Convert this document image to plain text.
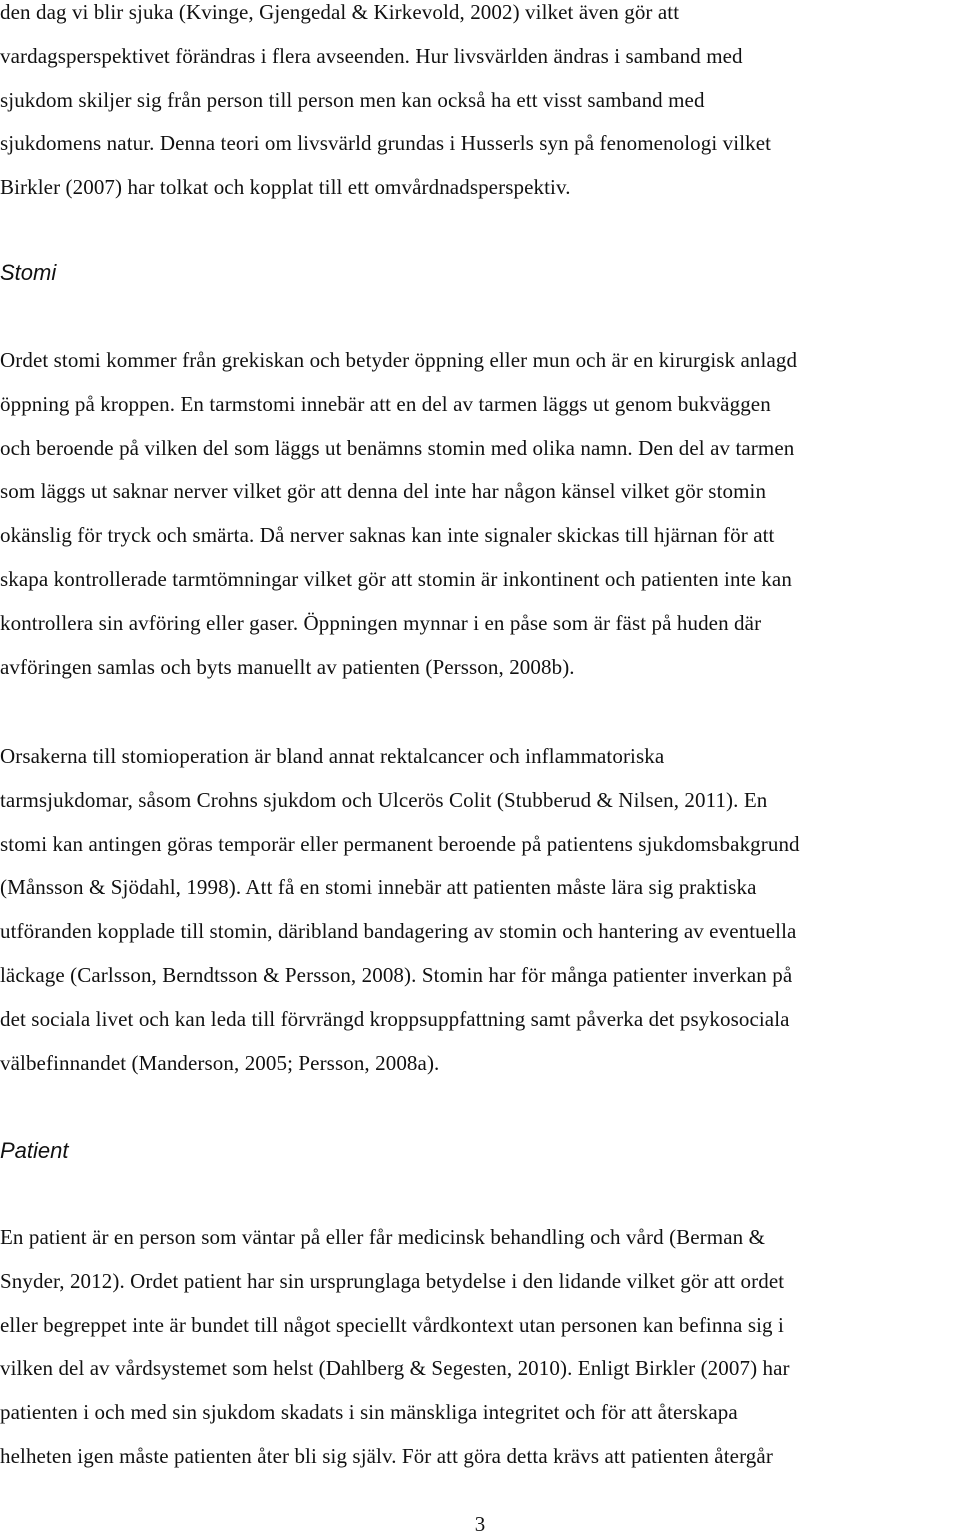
den dag vi blir sjuka (Kvinge, Gjengedal & Kirkevold, 2002) vilket även gör att
vardagsperspektivet förändras i flera avseenden. Hur livsvärlden ändras i samband med
sjukdom skiljer sig från person till person men kan också ha ett visst samband med
sjukdomens natur. Denna teori om livsvärld grundas i Husserls syn på fenomenologi vilket
Birkler (2007) har tolkat och kopplat till ett omvårdnadsperspektiv.
Stomi
Ordet stomi kommer från grekiskan och betyder öppning eller mun och är en kirurgisk anlagd
öppning på kroppen. En tarmstomi innebär att en del av tarmen läggs ut genom bukväggen
och beroende på vilken del som läggs ut benämns stomin med olika namn. Den del av tarmen
som läggs ut saknar nerver vilket gör att denna del inte har någon känsel vilket gör stomin
okänslig för tryck och smärta. Då nerver saknas kan inte signaler skickas till hjärnan för att
skapa kontrollerade tarmtömningar vilket gör att stomin är inkontinent och patienten inte kan
kontrollera sin avföring eller gaser. Öppningen mynnar i en påse som är fäst på huden där
avföringen samlas och byts manuellt av patienten (Persson, 2008b).
Orsakerna till stomioperation är bland annat rektalcancer och inflammatoriska
tarmsjukdomar, såsom Crohns sjukdom och Ulcerös Colit (Stubberud & Nilsen, 2011). En
stomi kan antingen göras temporär eller permanent beroende på patientens sjukdomsbakgrund
(Månsson & Sjödahl, 1998). Att få en stomi innebär att patienten måste lära sig praktiska
utföranden kopplade till stomin, däribland bandagering av stomin och hantering av eventuella
läckage (Carlsson, Berndtsson & Persson, 2008). Stomin har för många patienter inverkan på
det sociala livet och kan leda till förvrängd kroppsuppfattning samt påverka det psykosociala
välbefinnandet (Manderson, 2005; Persson, 2008a).
Patient
En patient är en person som väntar på eller får medicinsk behandling och vård (Berman &
Snyder, 2012). Ordet patient har sin ursprunglaga betydelse i den lidande vilket gör att ordet
eller begreppet inte är bundet till något speciellt vårdkontext utan personen kan befinna sig i
vilken del av vårdsystemet som helst (Dahlberg & Segesten, 2010). Enligt Birkler (2007) har
patienten i och med sin sjukdom skadats i sin mänskliga integritet och för att återskapa
helheten igen måste patienten åter bli sig själv. För att göra detta krävs att patienten återgår
3
